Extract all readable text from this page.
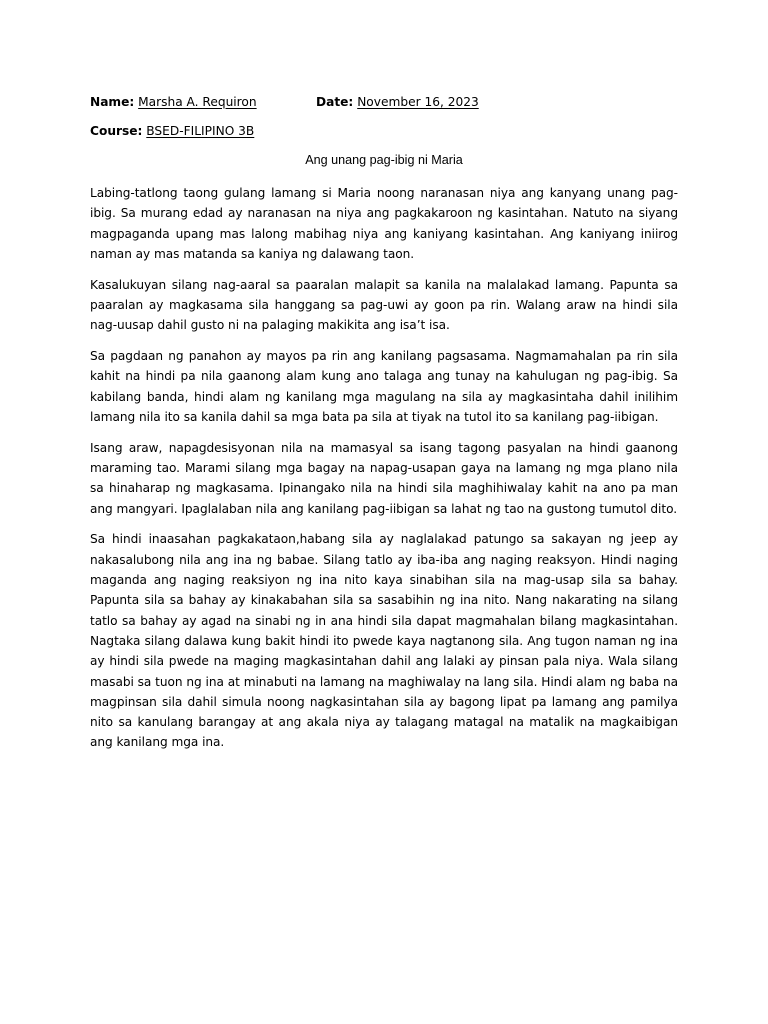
Name: Marsha A. Requiron	Date: November 16, 2023
Course: BSED-FILIPINO 3B
Ang unang pag-ibig ni Maria

Labing-tatlong taong gulang lamang si Maria noong naranasan niya ang kanyang unang pag-ibig. Sa murang edad ay naranasan na niya ang pagkakaroon ng kasintahan. Natuto na siyang magpaganda upang mas lalong mabihag niya ang kaniyang kasintahan. Ang kaniyang iniirog naman ay mas matanda sa kaniya ng dalawang taon.

Kasalukuyan silang nag-aaral sa paaralan malapit sa kanila na malalakad lamang. Papunta sa paaralan ay magkasama sila hanggang sa pag-uwi ay goon pa rin. Walang araw na hindi sila nag-uusap dahil gusto ni na palaging makikita ang isa’t isa.

Sa pagdaan ng panahon ay mayos pa rin ang kanilang pagsasama. Nagmamahalan pa rin sila kahit na hindi pa nila gaanong alam kung ano talaga ang tunay na kahulugan ng pag-ibig. Sa kabilang banda, hindi alam ng kanilang mga magulang na sila ay magkasintaha dahil inilihim lamang nila ito sa kanila dahil sa mga bata pa sila at tiyak na tutol ito sa kanilang pag-iibigan.

Isang araw, napagdesisyonan nila na mamasyal sa isang tagong pasyalan na hindi gaanong maraming tao. Marami silang mga bagay na napag-usapan gaya na lamang ng mga plano nila sa hinaharap ng magkasama. Ipinangako nila na hindi sila maghihiwalay kahit na ano pa man ang mangyari. Ipaglalaban nila ang kanilang pag-iibigan sa lahat ng tao na gustong tumutol dito.

Sa hindi inaasahan pagkakataon,habang sila ay naglalakad patungo sa sakayan ng jeep ay nakasalubong nila ang ina ng babae. Silang tatlo ay iba-iba ang naging reaksyon. Hindi naging maganda ang naging reaksiyon ng ina nito kaya sinabihan sila na mag-usap sila sa bahay. Papunta sila sa bahay ay kinakabahan sila sa sasabihin ng ina nito. Nang nakarating na silang tatlo sa bahay ay agad na sinabi ng in ana hindi sila dapat magmahalan bilang magkasintahan. Nagtaka silang dalawa kung bakit hindi ito pwede kaya nagtanong sila. Ang tugon naman ng ina ay hindi sila pwede na maging magkasintahan dahil ang lalaki ay pinsan pala niya. Wala silang masabi sa tuon ng ina at minabuti na lamang na maghiwalay na lang sila. Hindi alam ng baba na magpinsan sila dahil simula noong nagkasintahan sila ay bagong lipat pa lamang ang pamilya nito sa kanulang barangay at ang akala niya ay talagang matagal na matalik na magkaibigan ang kanilang mga ina.
